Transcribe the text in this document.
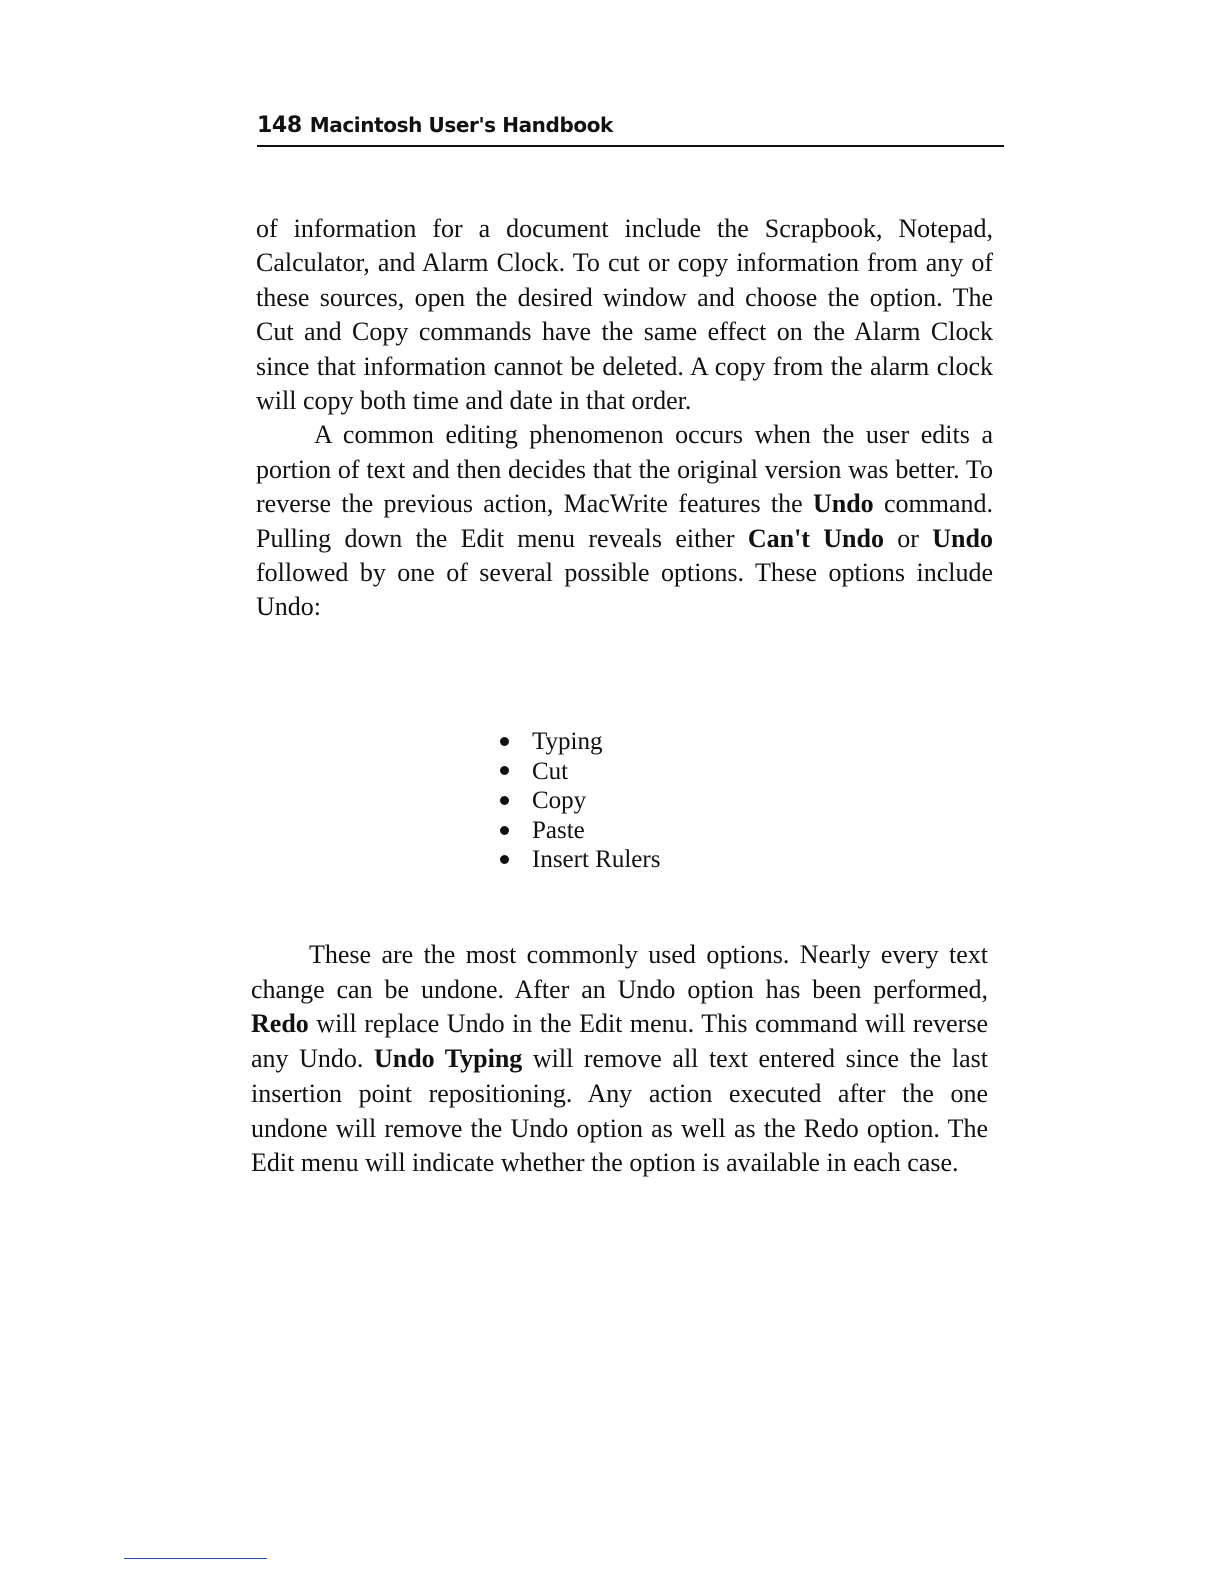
148 Macintosh User's Handbook

of information for a document include the Scrapbook, Notepad, Calculator, and Alarm Clock. To cut or copy information from any of these sources, open the desired window and choose the option. The Cut and Copy commands have the same effect on the Alarm Clock since that information cannot be deleted. A copy from the alarm clock will copy both time and date in that order.

A common editing phenomenon occurs when the user edits a portion of text and then decides that the original version was better. To reverse the previous action, MacWrite features the Undo command. Pulling down the Edit menu reveals either Can't Undo or Undo followed by one of several possible options. These options include Undo:

Typing
Cut
Copy
Paste
Insert Rulers

These are the most commonly used options. Nearly every text change can be undone. After an Undo option has been performed, Redo will replace Undo in the Edit menu. This command will reverse any Undo. Undo Typing will remove all text entered since the last insertion point repositioning. Any action executed after the one undone will remove the Undo option as well as the Redo option. The Edit menu will indicate whether the option is available in each case.
